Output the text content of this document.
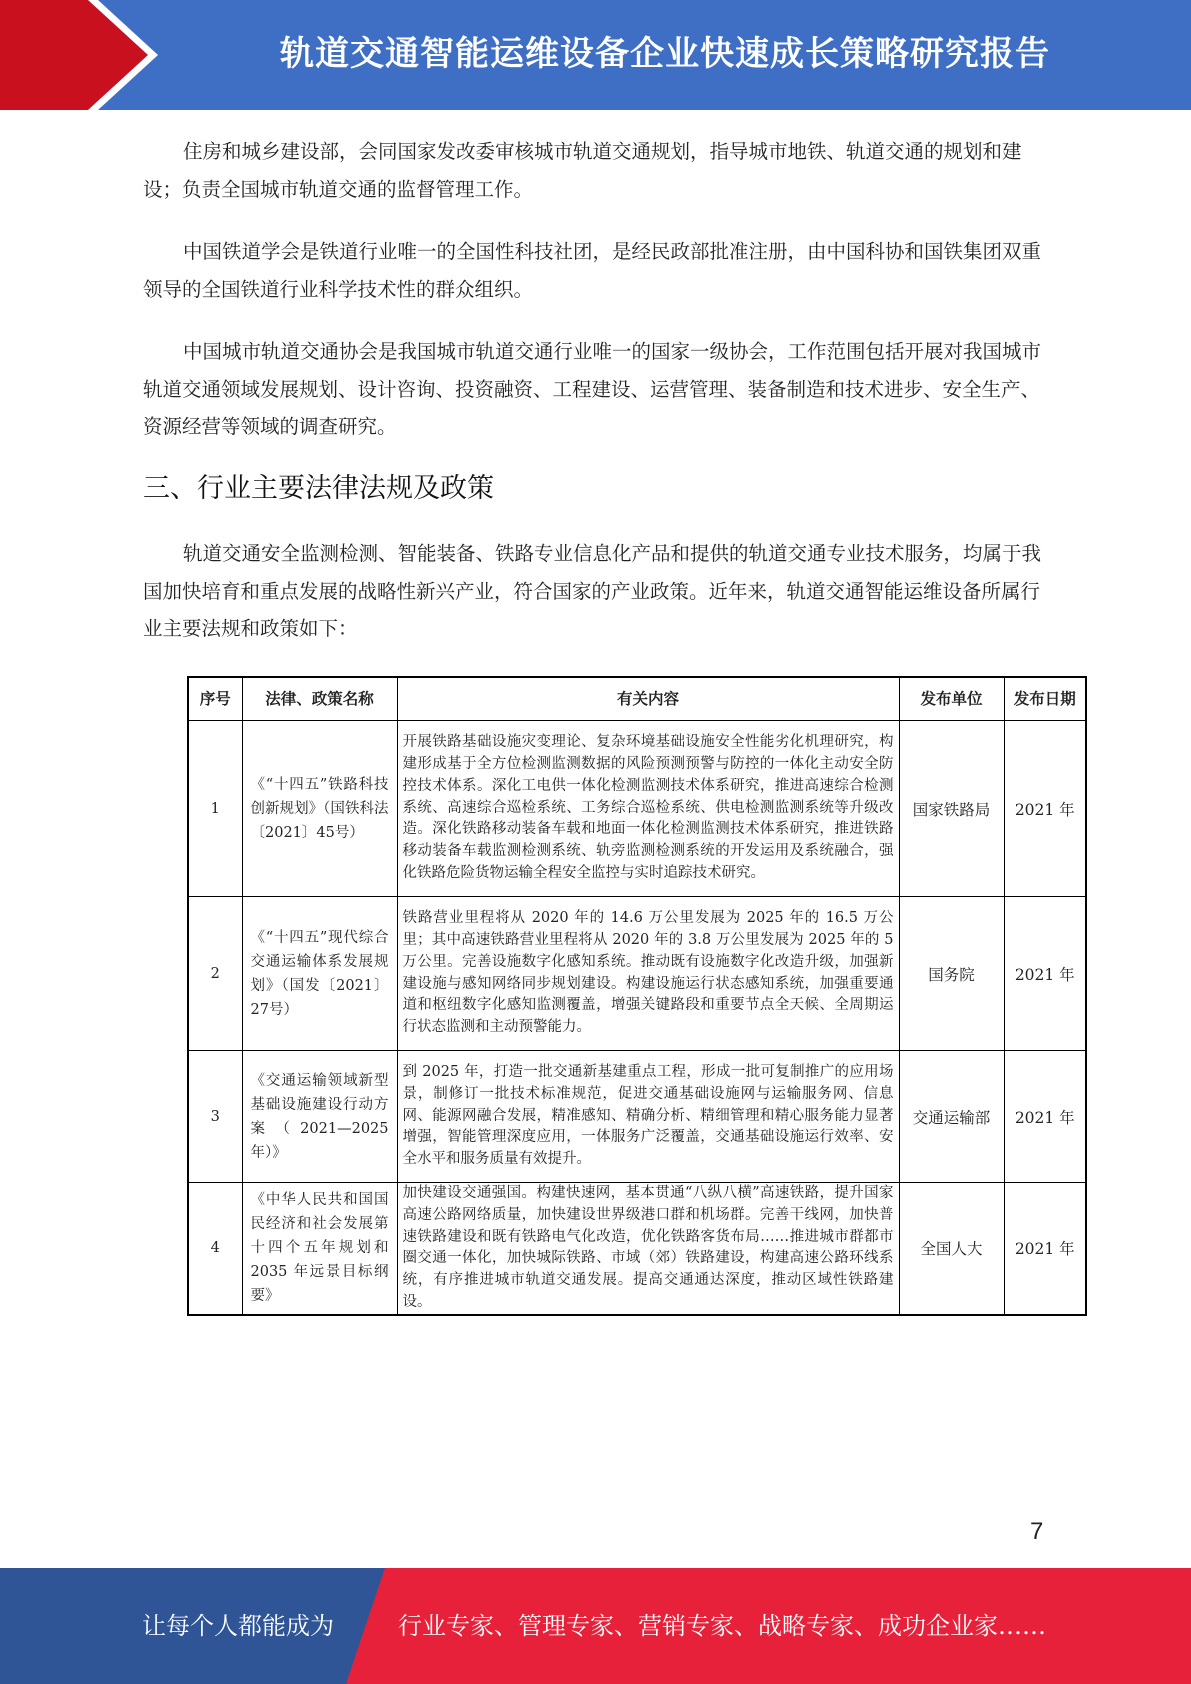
轨道交通智能运维设备企业快速成长策略研究报告

住房和城乡建设部，会同国家发改委审核城市轨道交通规划，指导城市地铁、轨道交通的规划和建设；负责全国城市轨道交通的监督管理工作。

中国铁道学会是铁道行业唯一的全国性科技社团，是经民政部批准注册，由中国科协和国铁集团双重领导的全国铁道行业科学技术性的群众组织。

中国城市轨道交通协会是我国城市轨道交通行业唯一的国家一级协会，工作范围包括开展对我国城市轨道交通领域发展规划、设计咨询、投资融资、工程建设、运营管理、装备制造和技术进步、安全生产、资源经营等领域的调查研究。

三、行业主要法律法规及政策

轨道交通安全监测检测、智能装备、铁路专业信息化产品和提供的轨道交通专业技术服务，均属于我国加快培育和重点发展的战略性新兴产业，符合国家的产业政策。近年来，轨道交通智能运维设备所属行业主要法规和政策如下：

序号	法律、政策名称	有关内容	发布单位	发布日期
1	《“十四五”铁路科技创新规划》（国铁科法〔2021〕45号）	开展铁路基础设施灾变理论、复杂环境基础设施安全性能劣化机理研究，构建形成基于全方位检测监测数据的风险预测预警与防控的一体化主动安全防控技术体系。深化工电供一体化检测监测技术体系研究，推进高速综合检测系统、高速综合巡检系统、工务综合巡检系统、供电检测监测系统等升级改造。深化铁路移动装备车载和地面一体化检测监测技术体系研究，推进铁路移动装备车载监测检测系统、轨旁监测检测系统的开发运用及系统融合，强化铁路危险货物运输全程安全监控与实时追踪技术研究。	国家铁路局	2021 年
2	《“十四五”现代综合交通运输体系发展规划》（国发〔2021〕27号）	铁路营业里程将从 2020 年的 14.6 万公里发展为 2025 年的 16.5 万公里；其中高速铁路营业里程将从 2020 年的 3.8 万公里发展为 2025 年的 5 万公里。完善设施数字化感知系统。推动既有设施数字化改造升级，加强新建设施与感知网络同步规划建设。构建设施运行状态感知系统，加强重要通道和枢纽数字化感知监测覆盖，增强关键路段和重要节点全天候、全周期运行状态监测和主动预警能力。	国务院	2021 年
3	《交通运输领域新型基础设施建设行动方案（2021—2025 年）》	到 2025 年，打造一批交通新基建重点工程，形成一批可复制推广的应用场景，制修订一批技术标准规范，促进交通基础设施网与运输服务网、信息网、能源网融合发展，精准感知、精确分析、精细管理和精心服务能力显著增强，智能管理深度应用，一体服务广泛覆盖，交通基础设施运行效率、安全水平和服务质量有效提升。	交通运输部	2021 年
4	《中华人民共和国国民经济和社会发展第十四个五年规划和 2035 年远景目标纲要》	加快建设交通强国。构建快速网，基本贯通“八纵八横”高速铁路，提升国家高速公路网络质量，加快建设世界级港口群和机场群。完善干线网，加快普速铁路建设和既有铁路电气化改造，优化铁路客货布局……推进城市群都市圈交通一体化，加快城际铁路、市域（郊）铁路建设，构建高速公路环线系统，有序推进城市轨道交通发展。提高交通通达深度，推动区域性铁路建设。	全国人大	2021 年
7
让每个人都能成为	行业专家、管理专家、营销专家、战略专家、成功企业家……
